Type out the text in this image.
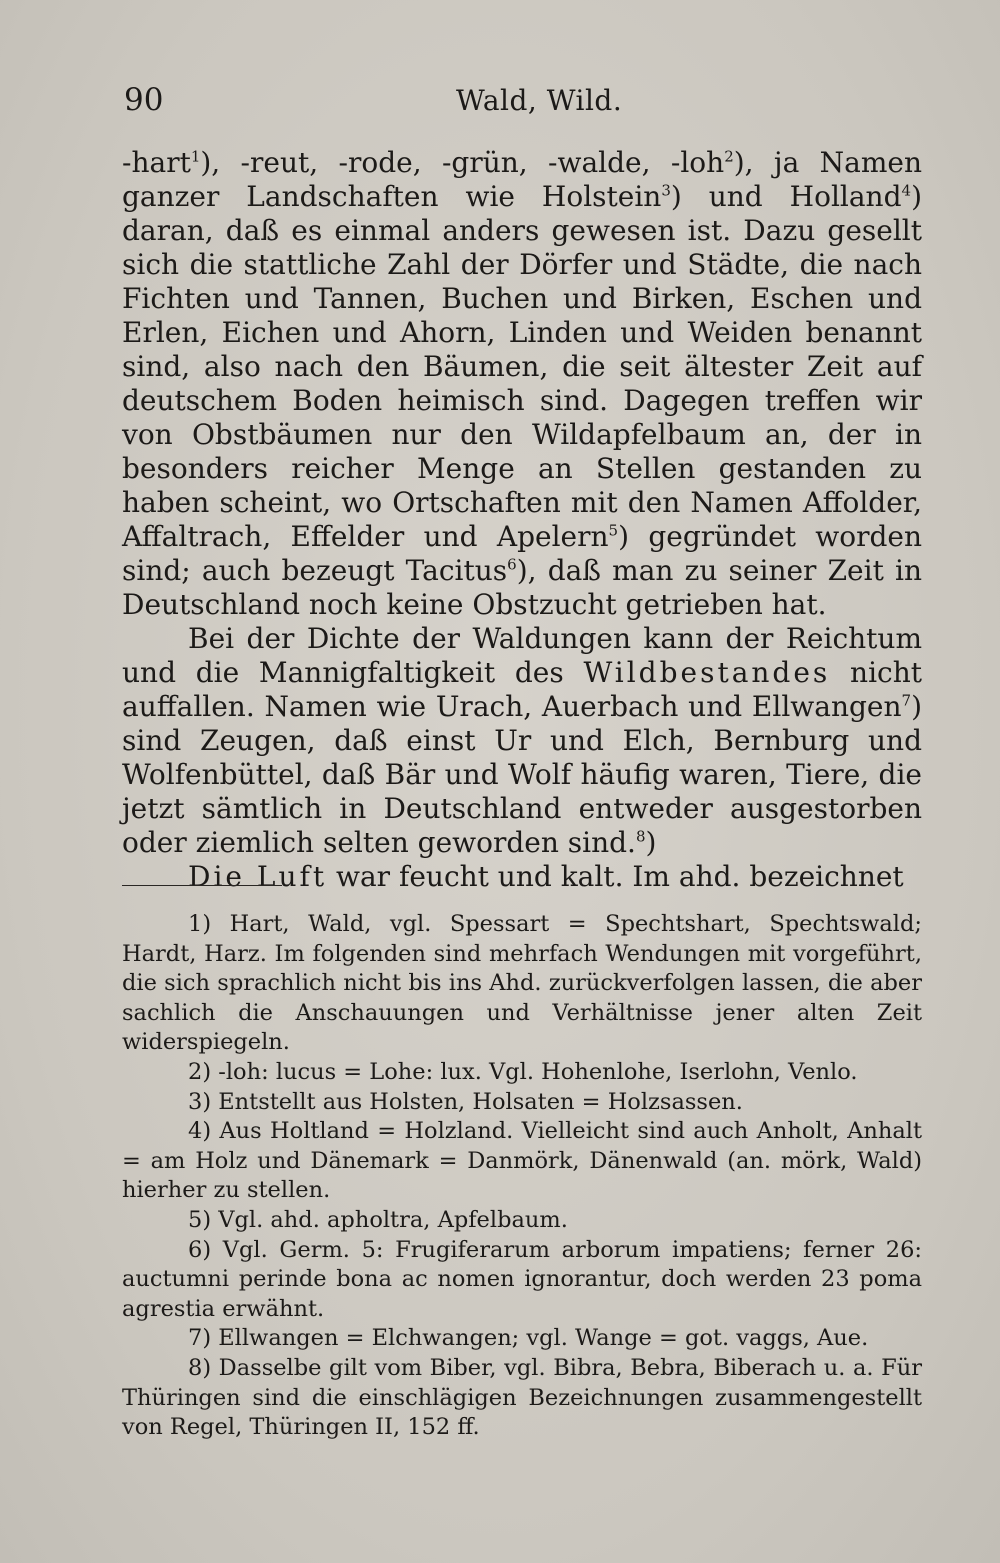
90	Wald, Wild.

-hart$^1$), -reut, -rode, -grün, -walde, -loh$^2$), ja Namen ganzer Landschaften wie Holstein$^3$) und Holland$^4$) daran, daß es einmal anders gewesen ist. Dazu gesellt sich die stattliche Zahl der Dörfer und Städte, die nach Fichten und Tannen, Buchen und Birken, Eschen und Erlen, Eichen und Ahorn, Linden und Weiden benannt sind, also nach den Bäumen, die seit ältester Zeit auf deutschem Boden heimisch sind. Dagegen treffen wir von Obstbäumen nur den Wildapfelbaum an, der in besonders reicher Menge an Stellen gestanden zu haben scheint, wo Ortschaften mit den Namen Affolder, Affaltrach, Effelder und Apelern$^5$) gegründet worden sind; auch bezeugt Tacitus$^6$), daß man zu seiner Zeit in Deutschland noch keine Obstzucht getrieben hat.

Bei der Dichte der Waldungen kann der Reichtum und die Mannigfaltigkeit des Wildbestandes nicht auffallen. Namen wie Urach, Auerbach und Ellwangen$^7$) sind Zeugen, daß einst Ur und Elch, Bernburg und Wolfenbüttel, daß Bär und Wolf häufig waren, Tiere, die jetzt sämtlich in Deutschland entweder ausgestorben oder ziemlich selten geworden sind.$^8$)

Die Luft war feucht und kalt. Im ahd. bezeichnet

1) Hart, Wald, vgl. Spessart = Spechtshart, Spechtswald; Hardt, Harz. Im folgenden sind mehrfach Wendungen mit vorgeführt, die sich sprachlich nicht bis ins Ahd. zurückverfolgen lassen, die aber sachlich die Anschauungen und Verhältnisse jener alten Zeit widerspiegeln.

2) -loh: lucus = Lohe: lux. Vgl. Hohenlohe, Iserlohn, Venlo.

3) Entstellt aus Holsten, Holsaten = Holzsassen.

4) Aus Holtland = Holzland. Vielleicht sind auch Anholt, Anhalt = am Holz und Dänemark = Danmörk, Dänenwald (an. mörk, Wald) hierher zu stellen.

5) Vgl. ahd. apholtra, Apfelbaum.

6) Vgl. Germ. 5: Frugiferarum arborum impatiens; ferner 26: auctumni perinde bona ac nomen ignorantur, doch werden 23 poma agrestia erwähnt.

7) Ellwangen = Elchwangen; vgl. Wange = got. vaggs, Aue.

8) Dasselbe gilt vom Biber, vgl. Bibra, Bebra, Biberach u. a. Für Thüringen sind die einschlägigen Bezeichnungen zusammengestellt von Regel, Thüringen II, 152 ff.
